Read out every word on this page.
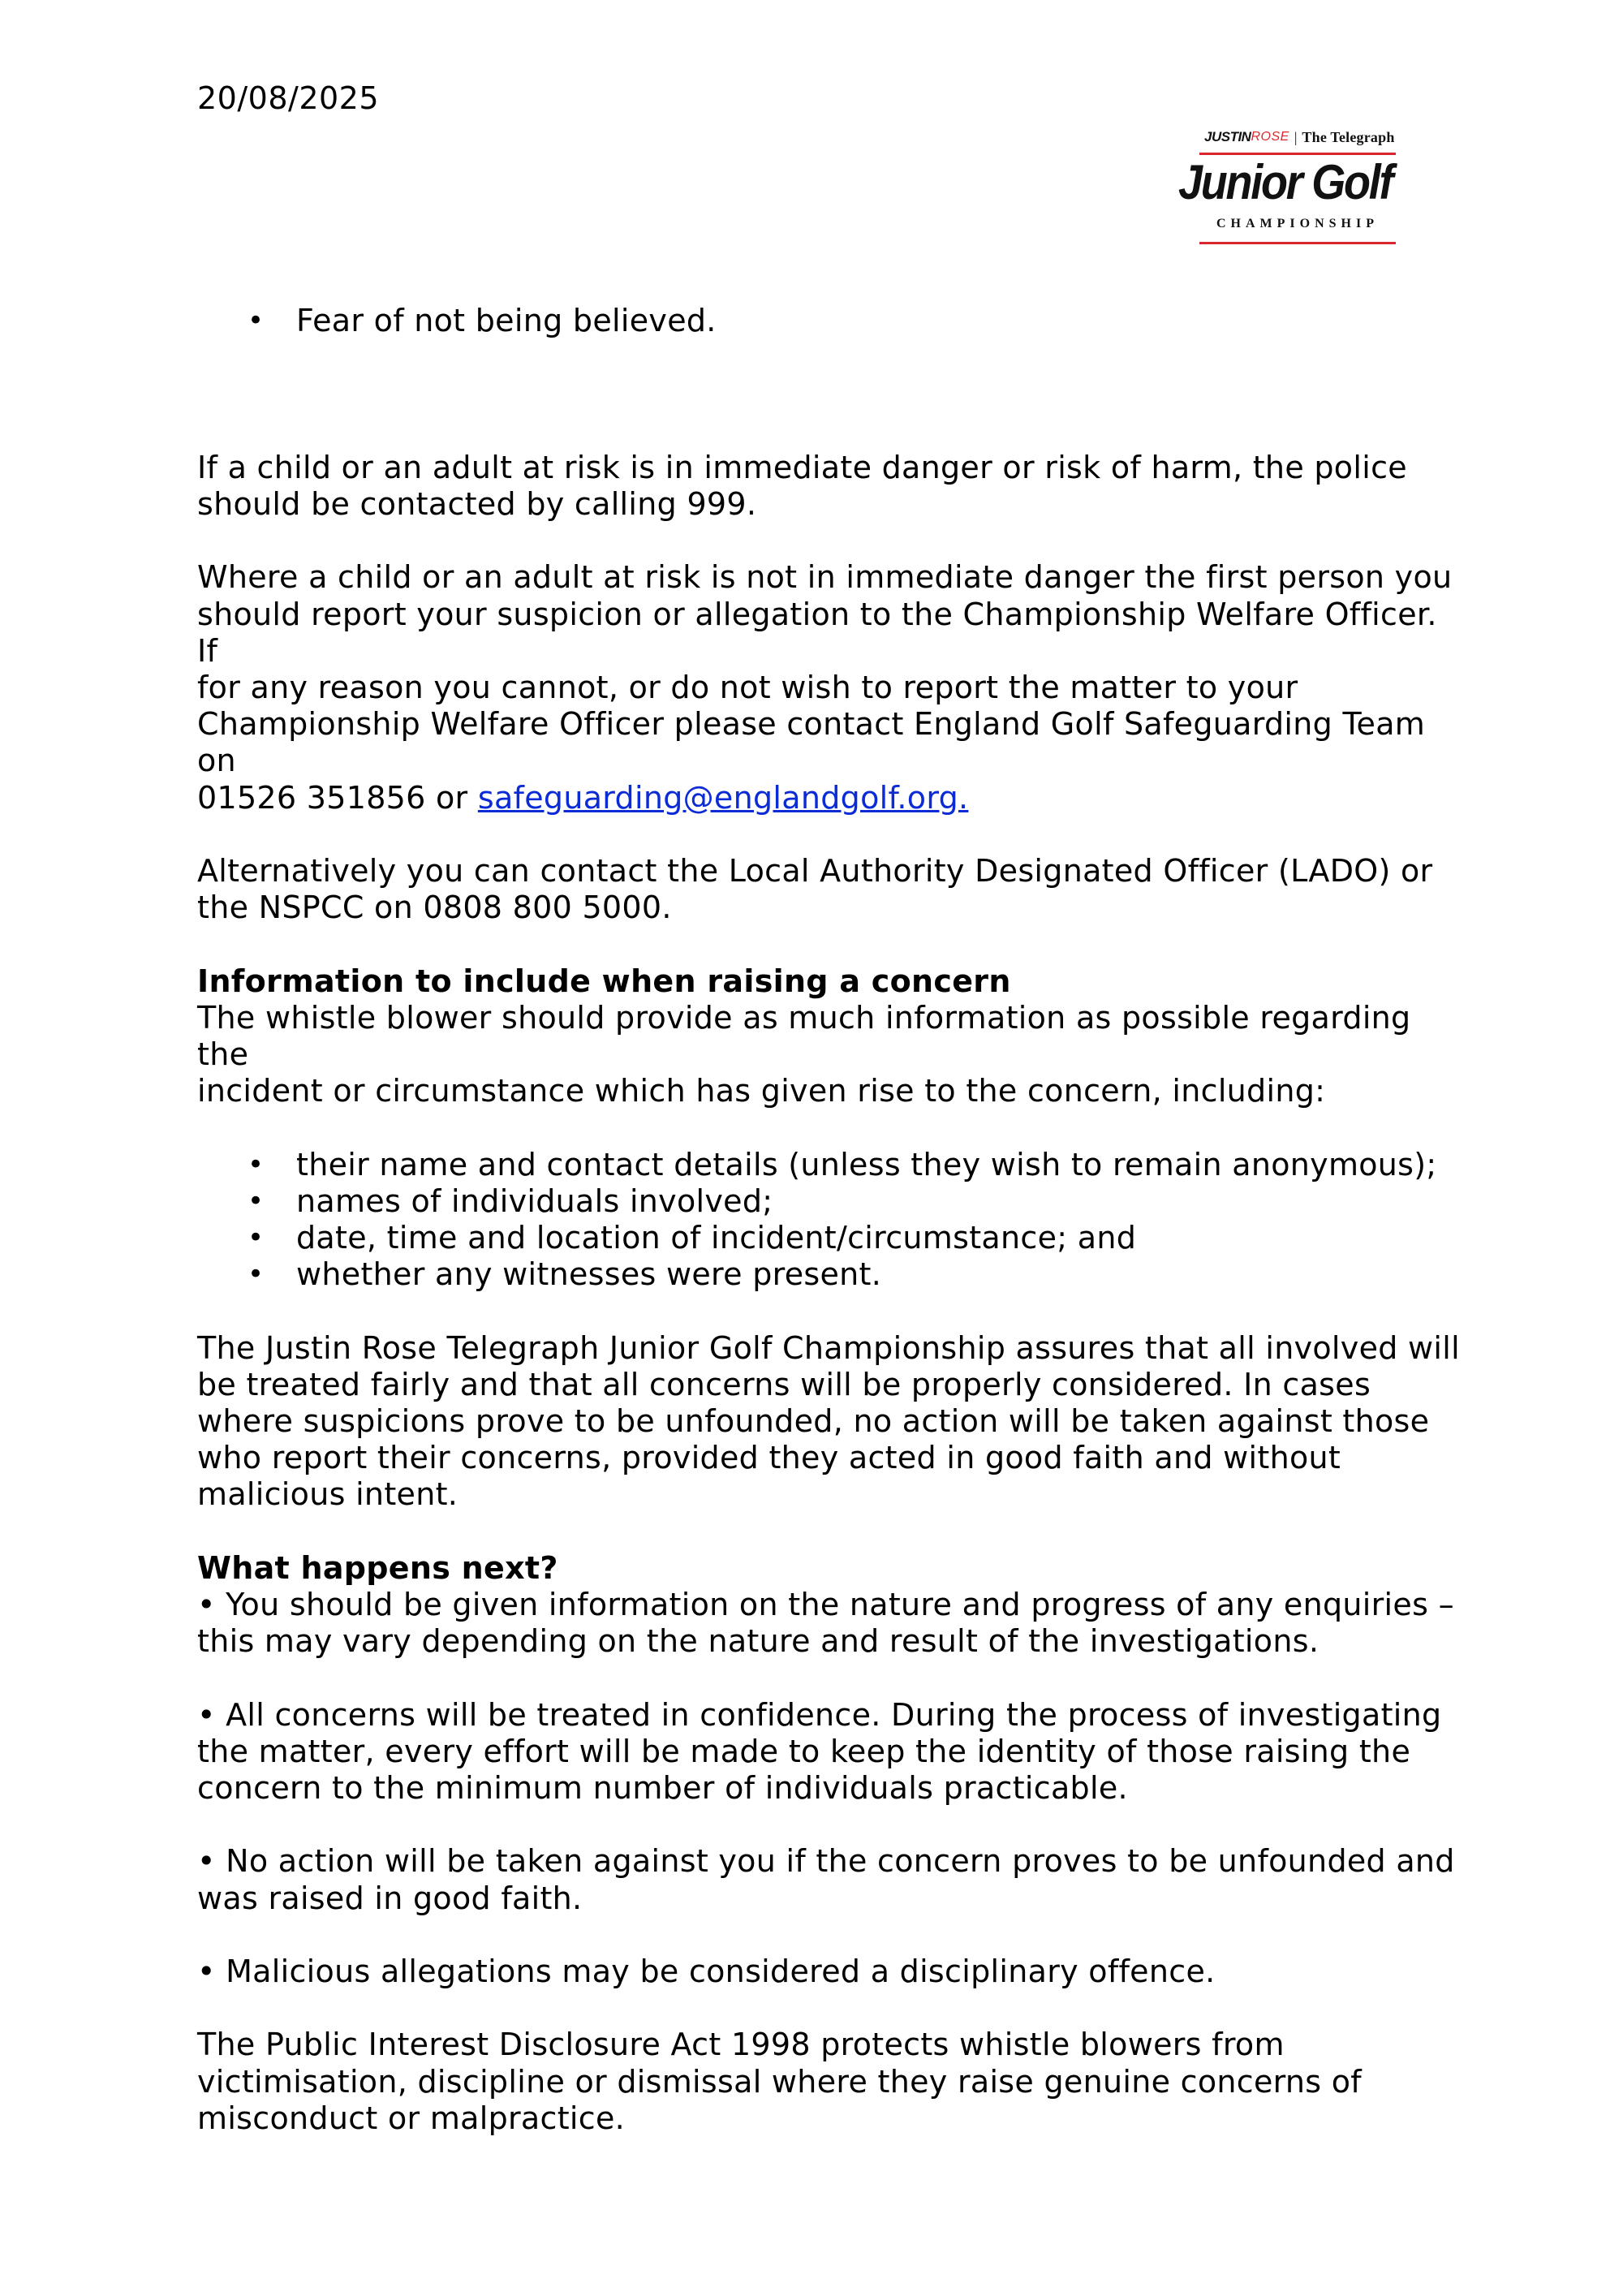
20/08/2025
JUSTIN ROSE | The Telegraph
Junior Golf
CHAMPIONSHIP
• Fear of not being believed.

If a child or an adult at risk is in immediate danger or risk of harm, the police
should be contacted by calling 999.

Where a child or an adult at risk is not in immediate danger the first person you
should report your suspicion or allegation to the Championship Welfare Officer. If
for any reason you cannot, or do not wish to report the matter to your
Championship Welfare Officer please contact England Golf Safeguarding Team on
01526 351856 or safeguarding@englandgolf.org.

Alternatively you can contact the Local Authority Designated Officer (LADO) or
the NSPCC on 0808 800 5000.

Information to include when raising a concern

The whistle blower should provide as much information as possible regarding the
incident or circumstance which has given rise to the concern, including:

• their name and contact details (unless they wish to remain anonymous);
• names of individuals involved;
• date, time and location of incident/circumstance; and
• whether any witnesses were present.

The Justin Rose Telegraph Junior Golf Championship assures that all involved will
be treated fairly and that all concerns will be properly considered. In cases
where suspicions prove to be unfounded, no action will be taken against those
who report their concerns, provided they acted in good faith and without
malicious intent.

What happens next?

• You should be given information on the nature and progress of any enquiries –
this may vary depending on the nature and result of the investigations.

• All concerns will be treated in confidence. During the process of investigating
the matter, every effort will be made to keep the identity of those raising the
concern to the minimum number of individuals practicable.

• No action will be taken against you if the concern proves to be unfounded and
was raised in good faith.

• Malicious allegations may be considered a disciplinary offence.

The Public Interest Disclosure Act 1998 protects whistle blowers from
victimisation, discipline or dismissal where they raise genuine concerns of
misconduct or malpractice.
